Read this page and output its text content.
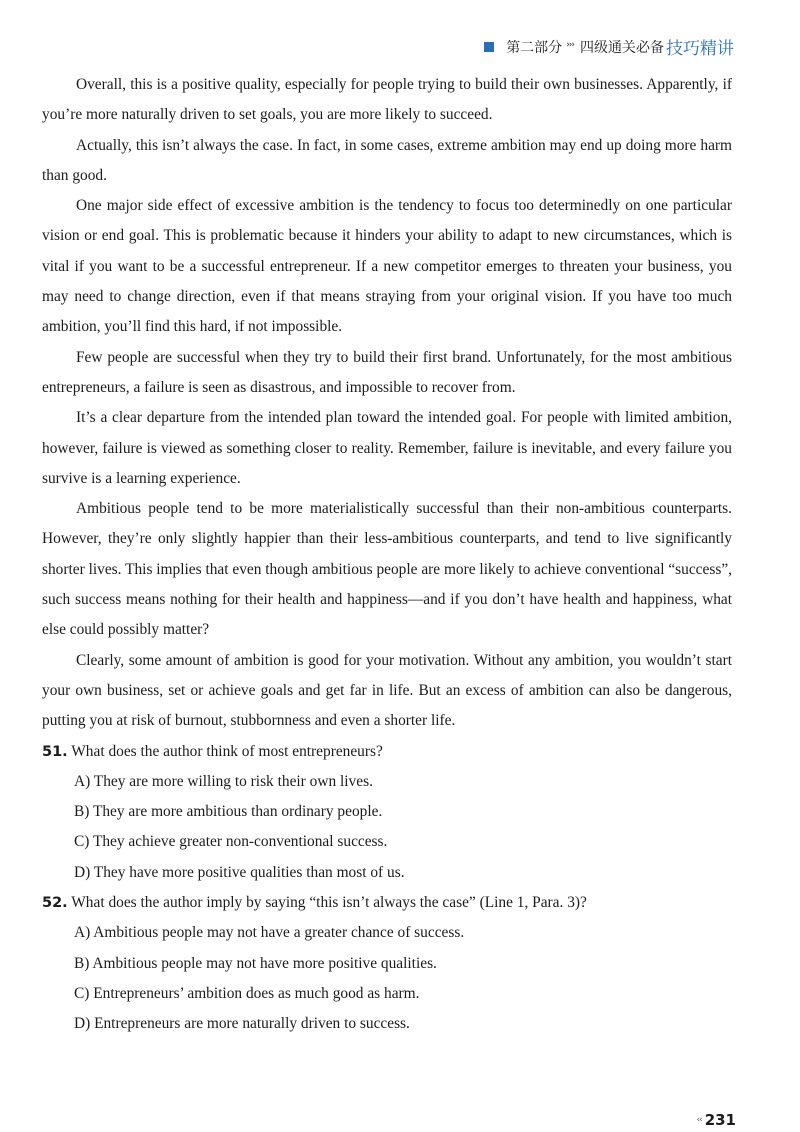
第二部分 ››› 四级通关必备 技巧精讲

Overall, this is a positive quality, especially for people trying to build their own businesses. Apparently, if you’re more naturally driven to set goals, you are more likely to succeed.

Actually, this isn’t always the case. In fact, in some cases, extreme ambition may end up doing more harm than good.

One major side effect of excessive ambition is the tendency to focus too determinedly on one particular vision or end goal. This is problematic because it hinders your ability to adapt to new circumstances, which is vital if you want to be a successful entrepreneur. If a new competitor emerges to threaten your business, you may need to change direction, even if that means straying from your original vision. If you have too much ambition, you’ll find this hard, if not impossible.

Few people are successful when they try to build their first brand. Unfortunately, for the most ambitious entrepreneurs, a failure is seen as disastrous, and impossible to recover from.

It’s a clear departure from the intended plan toward the intended goal. For people with limited ambition, however, failure is viewed as something closer to reality. Remember, failure is inevitable, and every failure you survive is a learning experience.

Ambitious people tend to be more materialistically successful than their non-ambitious counterparts. However, they’re only slightly happier than their less-ambitious counterparts, and tend to live significantly shorter lives. This implies that even though ambitious people are more likely to achieve conventional “success”, such success means nothing for their health and happiness—and if you don’t have health and happiness, what else could possibly matter?

Clearly, some amount of ambition is good for your motivation. Without any ambition, you wouldn’t start your own business, set or achieve goals and get far in life. But an excess of ambition can also be dangerous, putting you at risk of burnout, stubbornness and even a shorter life.

51. What does the author think of most entrepreneurs?
A) They are more willing to risk their own lives.
B) They are more ambitious than ordinary people.
C) They achieve greater non-conventional success.
D) They have more positive qualities than most of us.
52. What does the author imply by saying “this isn’t always the case” (Line 1, Para. 3)?
A) Ambitious people may not have a greater chance of success.
B) Ambitious people may not have more positive qualities.
C) Entrepreneurs’ ambition does as much good as harm.
D) Entrepreneurs are more naturally driven to success.
‹‹ 231
